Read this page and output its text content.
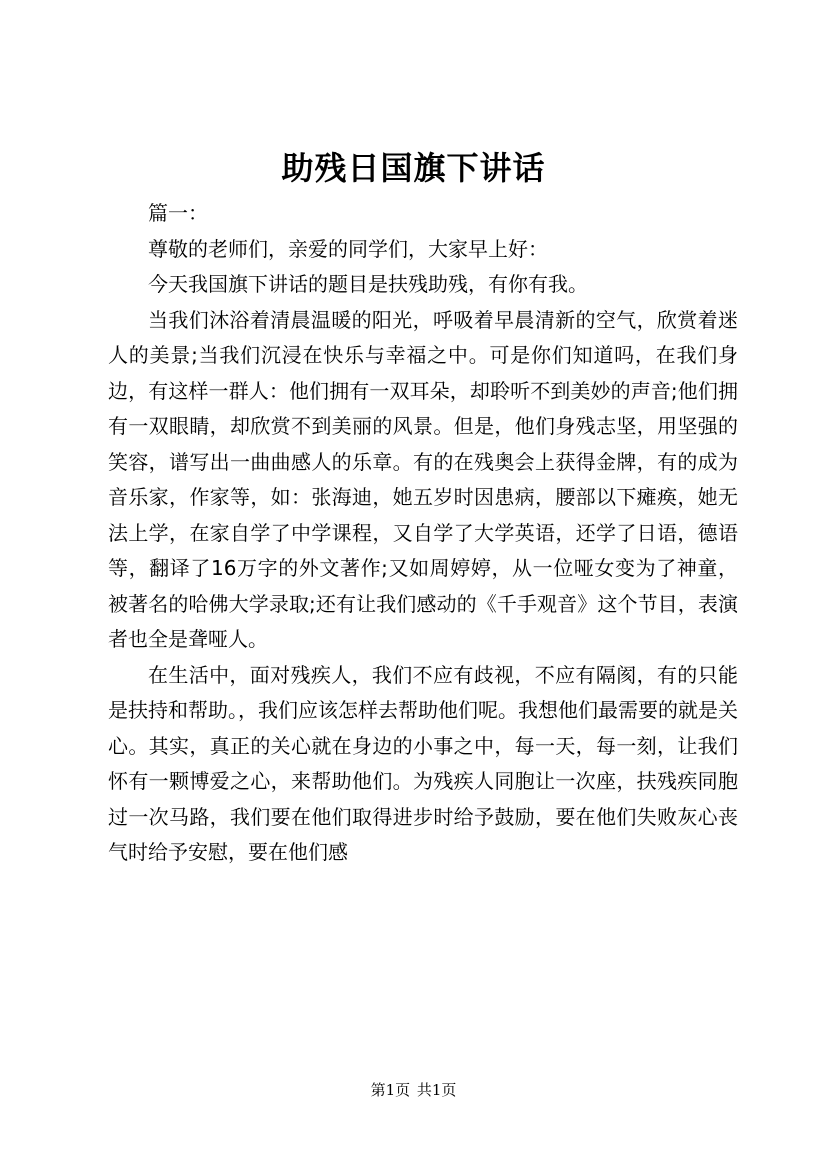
助残日国旗下讲话

篇一：

尊敬的老师们，亲爱的同学们，大家早上好：

今天我国旗下讲话的题目是扶残助残，有你有我。

当我们沐浴着清晨温暖的阳光，呼吸着早晨清新的空气，欣赏着迷人的美景;当我们沉浸在快乐与幸福之中。可是你们知道吗，在我们身边，有这样一群人：他们拥有一双耳朵，却聆听不到美妙的声音;他们拥有一双眼睛，却欣赏不到美丽的风景。但是，他们身残志坚，用坚强的笑容，谱写出一曲曲感人的乐章。有的在残奥会上获得金牌，有的成为音乐家，作家等，如：张海迪，她五岁时因患病，腰部以下瘫痪，她无法上学，在家自学了中学课程，又自学了大学英语，还学了日语，德语等，翻译了16万字的外文著作;又如周婷婷，从一位哑女变为了神童，被著名的哈佛大学录取;还有让我们感动的《千手观音》这个节目，表演者也全是聋哑人。

在生活中，面对残疾人，我们不应有歧视，不应有隔阂，有的只能是扶持和帮助。，我们应该怎样去帮助他们呢。我想他们最需要的就是关心。其实，真正的关心就在身边的小事之中，每一天，每一刻，让我们怀有一颗博爱之心，来帮助他们。为残疾人同胞让一次座，扶残疾同胞过一次马路，我们要在他们取得进步时给予鼓励，要在他们失败灰心丧气时给予安慰，要在他们感

第1页 共1页
